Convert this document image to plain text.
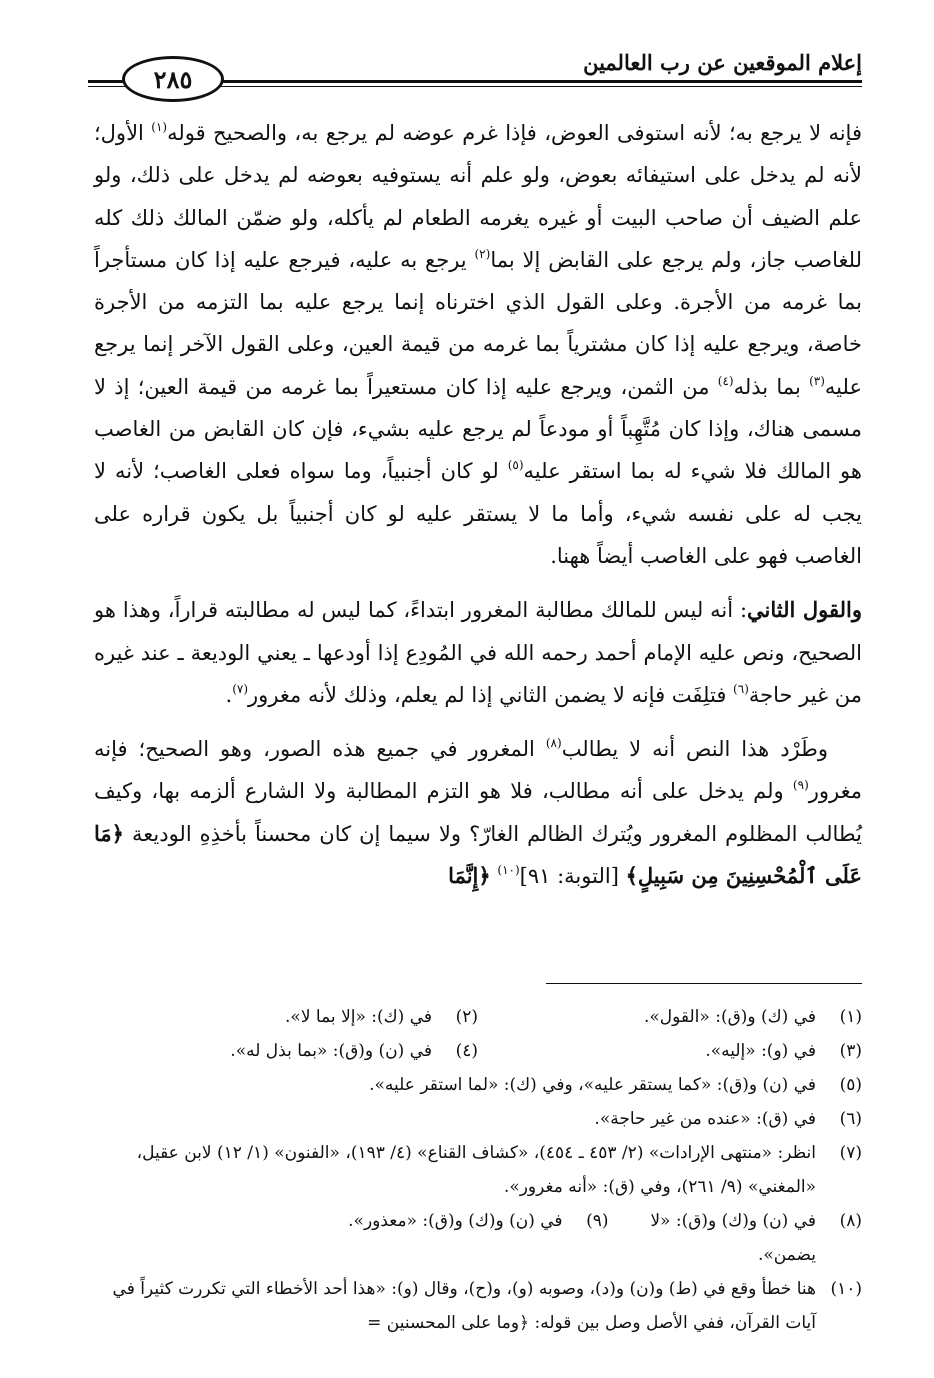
إعلام الموقعين عن رب العالمين
٢٨٥

فإنه لا يرجع به؛ لأنه استوفى العوض، فإذا غرم عوضه لم يرجع به، والصحيح قوله$^{(١)}$ الأول؛ لأنه لم يدخل على استيفائه بعوض، ولو علم أنه يستوفيه بعوضه لم يدخل على ذلك، ولو علم الضيف أن صاحب البيت أو غيره يغرمه الطعام لم يأكله، ولو ضمّن المالك ذلك كله للغاصب جاز، ولم يرجع على القابض إلا بما$^{(٢)}$ يرجع به عليه، فيرجع عليه إذا كان مستأجراً بما غرمه من الأجرة. وعلى القول الذي اخترناه إنما يرجع عليه بما التزمه من الأجرة خاصة، ويرجع عليه إذا كان مشترياً بما غرمه من قيمة العين، وعلى القول الآخر إنما يرجع عليه$^{(٣)}$ بما بذله$^{(٤)}$ من الثمن، ويرجع عليه إذا كان مستعيراً بما غرمه من قيمة العين؛ إذ لا مسمى هناك، وإذا كان مُتَّهِباً أو مودعاً لم يرجع عليه بشيء، فإن كان القابض من الغاصب هو المالك فلا شيء له بما استقر عليه$^{(٥)}$ لو كان أجنبياً، وما سواه فعلى الغاصب؛ لأنه لا يجب له على نفسه شيء، وأما ما لا يستقر عليه لو كان أجنبياً بل يكون قراره على الغاصب فهو على الغاصب أيضاً ههنا.

والقول الثاني: أنه ليس للمالك مطالبة المغرور ابتداءً، كما ليس له مطالبته قراراً، وهذا هو الصحيح، ونص عليه الإمام أحمد رحمه الله في المُودِع إذا أودعها ـ يعني الوديعة ـ عند غيره من غير حاجة$^{(٦)}$ فتلِفَت فإنه لا يضمن الثاني إذا لم يعلم، وذلك لأنه مغرور$^{(٧)}$.

وطَرْد هذا النص أنه لا يطالب$^{(٨)}$ المغرور في جميع هذه الصور، وهو الصحيح؛ فإنه مغرور$^{(٩)}$ ولم يدخل على أنه مطالب، فلا هو التزم المطالبة ولا الشارع ألزمه بها، وكيف يُطالب المظلوم المغرور ويُترك الظالم الغارّ؟ ولا سيما إن كان محسناً بأخذِهِ الوديعة ﴿مَا عَلَى ٱلْمُحْسِنِينَ مِن سَبِيلٍ﴾ [التوبة: ٩١]$^{(١٠)}$ ﴿إِنَّمَا

(١)
في (ك) و(ق): «القول».
(٢)
في (ك): «إلا بما لا».
(٣)
في (و): «إليه».
(٤)
في (ن) و(ق): «بما بذل له».
(٥)
في (ن) و(ق): «كما يستقر عليه»، وفي (ك): «لما استقر عليه».
(٦)
في (ق): «عنده من غير حاجة».
(٧)
انظر: «منتهى الإرادات» (٢/ ٤٥٣ ـ ٤٥٤)، «كشاف القناع» (٤/ ١٩٣)، «الفنون» (١/ ١٢) لابن عقيل، «المغني» (٩/ ٢٦١)، وفي (ق): «أنه مغرور».
(٨)
في (ن) و(ك) و(ق): «لا يضمن».
(٩)
في (ن) و(ك) و(ق): «معذور».
(١٠)
هنا خطأ وقع في (ط) و(ن) و(د)، وصوبه (و)، و(ح)، وقال (و): «هذا أحد الأخطاء التي تكررت كثيراً في آيات القرآن، ففي الأصل وصل بين قوله: ﴿وما على المحسنين =
